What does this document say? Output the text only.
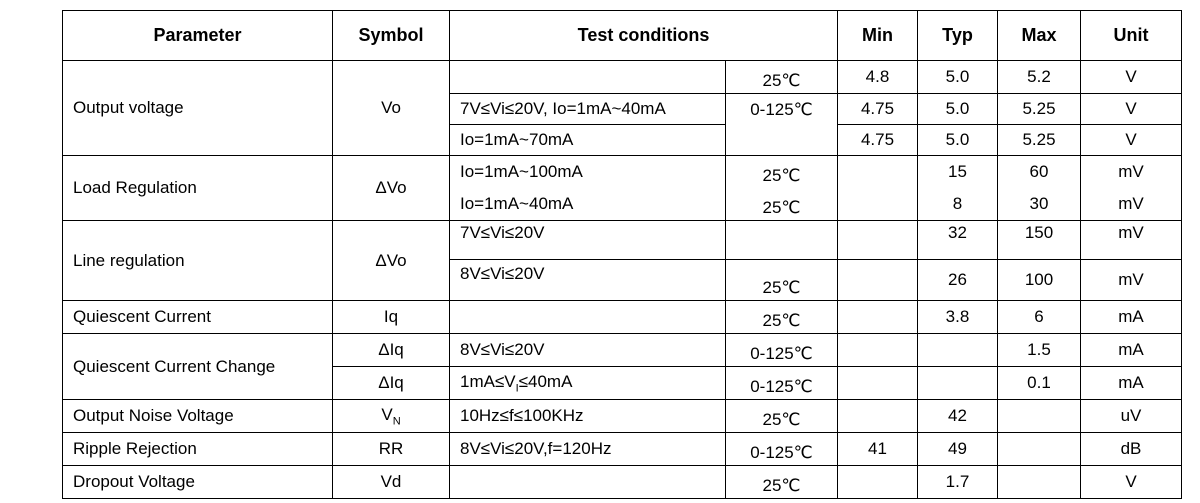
Parameter	Symbol	Test conditions		Min	Typ	Max	Unit
Output voltage	Vo		25℃	4.8	5.0	5.2	V
		7V≤Vi≤20V, Io=1mA~40mA	0-125℃	4.75	5.0	5.25	V
		Io=1mA~70mA		4.75	5.0	5.25	V
Load Regulation	ΔVo	Io=1mA~100mA	25℃		15	60	mV
		Io=1mA~40mA	25℃		8	30	mV
Line regulation	ΔVo	7V≤Vi≤20V			32	150	mV
		8V≤Vi≤20V	25℃		26	100	mV
Quiescent Current	Iq		25℃		3.8	6	mA
Quiescent Current Change	ΔIq	8V≤Vi≤20V	0-125℃			1.5	mA
	ΔIq	$1mA\le V_I\le 40mA$	0-125℃			0.1	mA
Output Noise Voltage	$V_N$	10Hz≤f≤100KHz	25℃		42		uV
Ripple Rejection	RR	8V≤Vi≤20V,f=120Hz	0-125℃	41	49		dB
Dropout Voltage	Vd		25℃		1.7		V
